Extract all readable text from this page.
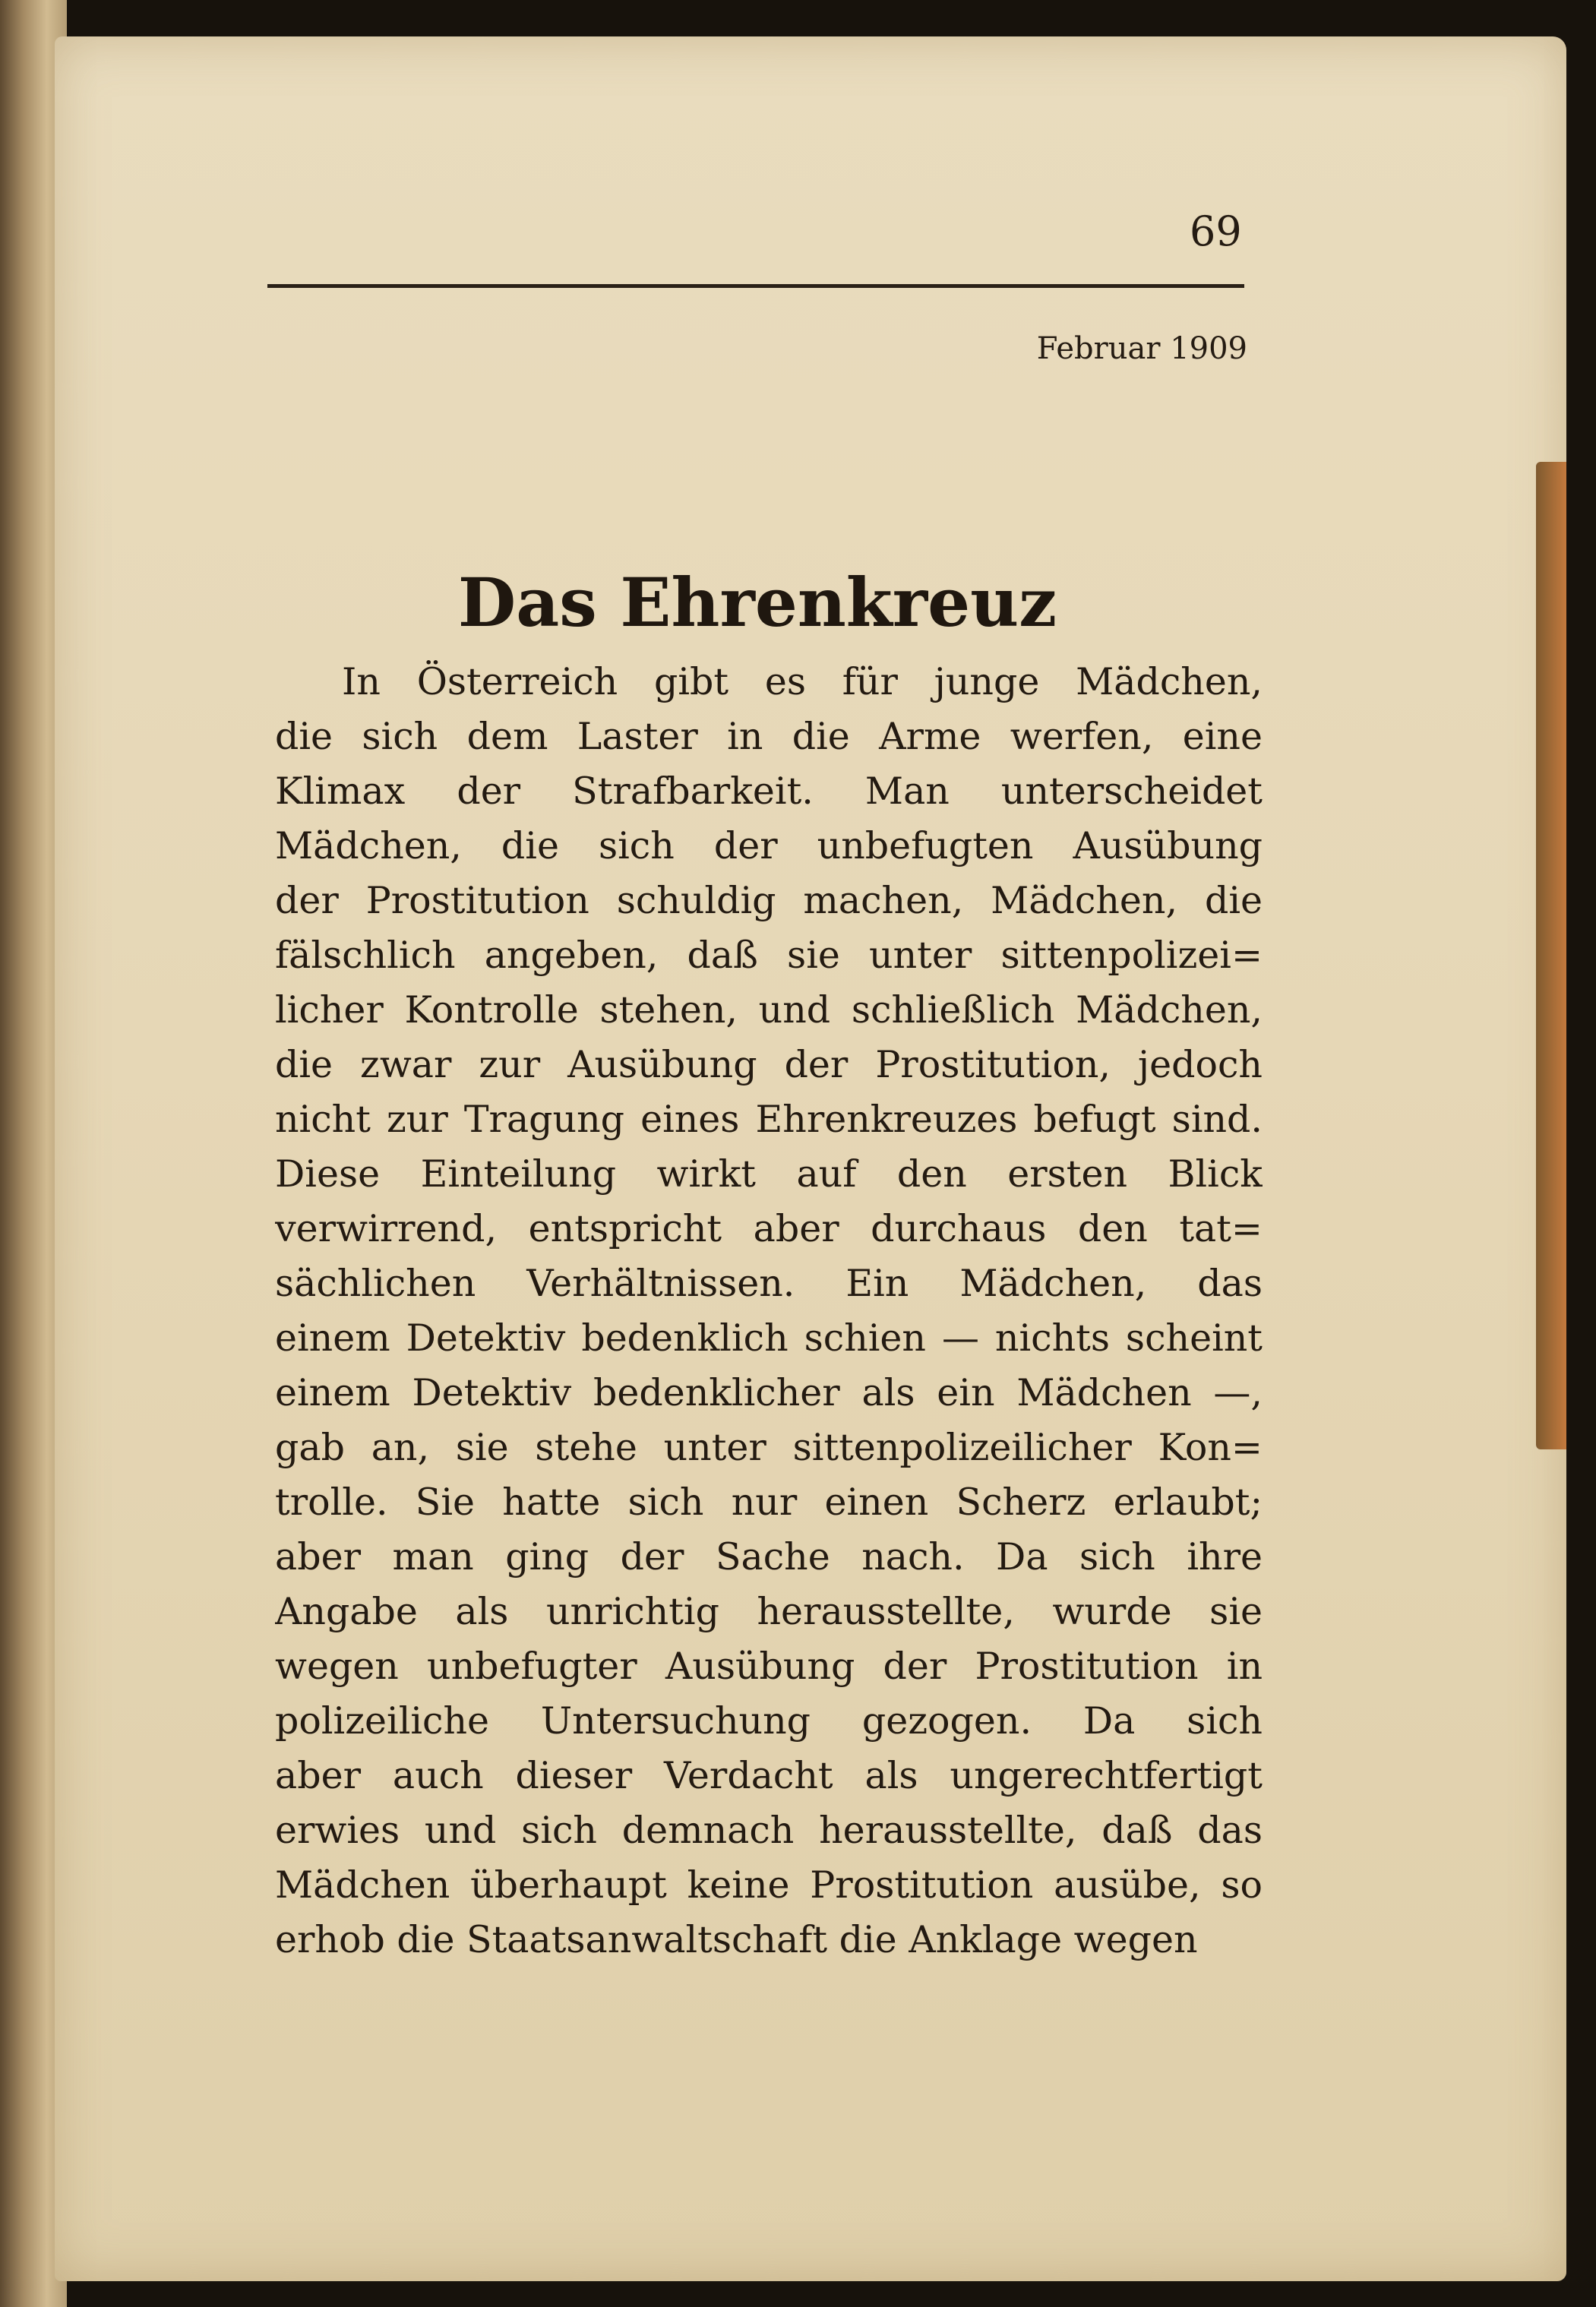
69
Februar 1909
Das Ehrenkreuz
In Österreich gibt es für junge Mädchen,
die sich dem Laster in die Arme werfen, eine
Klimax der Strafbarkeit. Man unterscheidet
Mädchen, die sich der unbefugten Ausübung
der Prostitution schuldig machen, Mädchen, die
fälschlich angeben, daß sie unter sittenpolizei=
licher Kontrolle stehen, und schließlich Mädchen,
die zwar zur Ausübung der Prostitution, jedoch
nicht zur Tragung eines Ehrenkreuzes befugt sind.
Diese Einteilung wirkt auf den ersten Blick
verwirrend, entspricht aber durchaus den tat=
sächlichen Verhältnissen. Ein Mädchen, das
einem Detektiv bedenklich schien — nichts scheint
einem Detektiv bedenklicher als ein Mädchen —,
gab an, sie stehe unter sittenpolizeilicher Kon=
trolle. Sie hatte sich nur einen Scherz erlaubt;
aber man ging der Sache nach. Da sich ihre
Angabe als unrichtig herausstellte, wurde sie
wegen unbefugter Ausübung der Prostitution in
polizeiliche Untersuchung gezogen. Da sich
aber auch dieser Verdacht als ungerechtfertigt
erwies und sich demnach herausstellte, daß das
Mädchen überhaupt keine Prostitution ausübe, so
erhob die Staatsanwaltschaft die Anklage wegen
